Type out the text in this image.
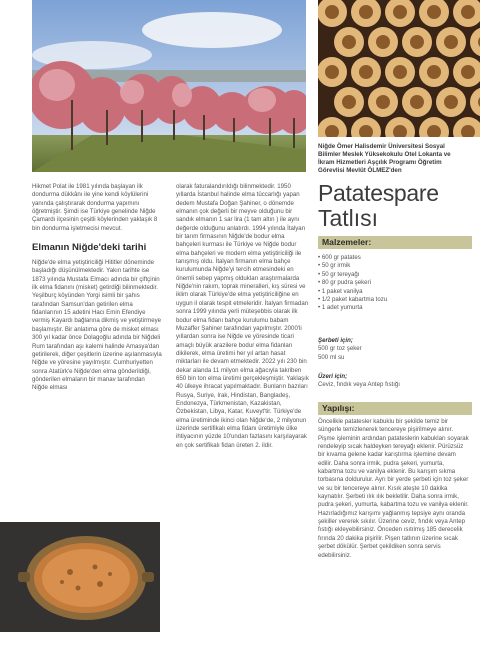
Hikmet Polat ile 1981 yılında başlayan ilk dondurma dükkânı ile yine kendi köylülerini yanında çalıştırarak dondurma yapımını öğretmiştir. Şimdi ise Türkiye genelinde Niğde Çamardı ilçesinin çeşitli köylerinden yaklaşık 8 bin dondurma işletmecisi mevcut.

Elmanın Niğde'deki tarihi

Niğde'de elma yetiştiriciliği Hititler döneminde başladığı düşünülmektedir. Yakın tarihte ise 1873 yılında Mustafa Elmacı adında bir çiftçinin ilk elma fidanını (misket) getirdiği bilinmektedir. Yeşilburç köyünden Yorgi isimli bir şahıs tarafından Samsun'dan getirilen elma fidanlarının 15 adetini Hacı Emin Efendiye vermiş Kayardı bağlarına dikmiş ve yetiştirmeye başlamıştır. Bir anlatıma göre de misket elması 300 yıl kadar önce Dolagoğlu adında bir Niğdeli Rum tarafından aşı kalemi halinde Amasya'dan getirilerek, diğer çeşitlerin üzerine aşılanmasıyla Niğde ve yöresine yayılmıştır. Cumhuriyetten sonra Atatürk'e Niğde'den elma gönderildiği, gönderilen elmaların bir manav tarafından Niğde elması

olarak faturalandırıldığı bilinmektedir. 1950 yıllarda İstanbul halinde elma tüccarlığı yapan dedem Mustafa Doğan Şahiner, o dönemde elmanın çok değerli bir meyve olduğunu bir sandık elmanın 1 sar lira (1 tam altın ) ile aynı değerde olduğunu anlatırdı. 1994 yılında İtalyan bir tarım firmasının Niğde'de bodur elma bahçeleri kurması ile Türkiye ve Niğde bodur elma bahçeleri ve modern elma yetiştiriciliği ile tanışmış oldu. İtalyan firmanın elma bahçe kurulumunda Niğde'yi tercih etmesindeki en önemli sebep yapmış oldukları araştırmalarda Niğde'nin rakım, toprak mineralleri, kış süresi ve iklim olarak Türkiye'de elma yetiştiriciliğine en uygun il olarak tespit etmeleridir. İtalyan firmadan sonra 1999 yılında yerli müteşebbis olarak ilk bodur elma fidanı bahçe kurulumu babam Muzaffer Şahiner tarafından yapılmıştır. 2000'li yıllardan sonra ise Niğde ve yöresinde ticari amaçlı büyük arazilere bodur elma fidanları dikilerek, elma üretimi her yıl artan hasat miktarları ile devam etmektedir. 2022 yılı 230 bin dekar alanda 11 milyon elma ağacıyla takriben 650 bin ton elma üretimi gerçekleşmiştir. Yaklaşık 40 ülkeye ihracat yapılmaktadır. Bunların bazıları Rusya, Suriye, Irak, Hindistan, Bangladeş, Endonezya, Türkmenistan, Kazakistan, Özbekistan, Libya, Katar, Kuveyt'tir. Türkiye'de elma üretiminde ikinci olan Niğde'de, 2 milyonun üzerinde sertifikalı elma fidanı üretimiyle ülke ihtiyacının yüzde 10'undan fazlasını karşılayarak en çok sertifikalı fidan üreten 2. ildir.

Niğde Ömer Halisdemir Üniversitesi Sosyal Bilimler Meslek Yüksekokulu Otel Lokanta ve İkram Hizmetleri Aşçılık Programı Öğretim Görevlisi Mevlüt ÖLMEZ'den
Patatespare
Tatlısı
Malzemeler:
• 600 gr patates
• 50 gr irmik
• 50 gr tereyağı
• 80 gr pudra şekeri
• 1 paket vanilya
• 1/2 paket kabartma tozu
• 1 adet yumurta
Şerbeti için;
500 gr toz şeker
500 ml su
Üzeri için;
Ceviz, fındık veya Antep fıstığı
Yapılışı:
Öncelikle patatesler kabuklu bir şekilde temiz bir süngerle temizlenerek tencereye pişirilmeye alınır. Pişme işleminin ardından patateslerin kabukları soyarak rendeleyip sıcak haldeyken tereyağı eklenir. Pürüzsüz bir kıvama gelene kadar karıştırma işlemine devam edilir. Daha sonra irmik, pudra şekeri, yumurta, kabartma tozu ve vanilya eklenir. Bu karışım sıkma torbasına doldurulur. Ayrı bir yerde şerbeti için toz şeker ve su bir tencereye alınır. Kısık ateşte 10 dakika kaynatılır. Şerbeti ılık ılık bekletilir. Daha sonra irmik, pudra şekeri, yumurta, kabartma tozu ve vanilya eklenir. Hazırladığımız karışımı yağlanmış tepsiye aynı oranda şekiller vererek sıkılır. Üzerine ceviz, fındık veya Antep fıstığı ekleyebilirsiniz. Önceden ısıtılmış 185 derecelik fırında 20 dakika pişirilir. Pişen tatlının üzerine sıcak şerbet dökülür. Şerbet çekildiken sonra servis edebilirsiniz.
